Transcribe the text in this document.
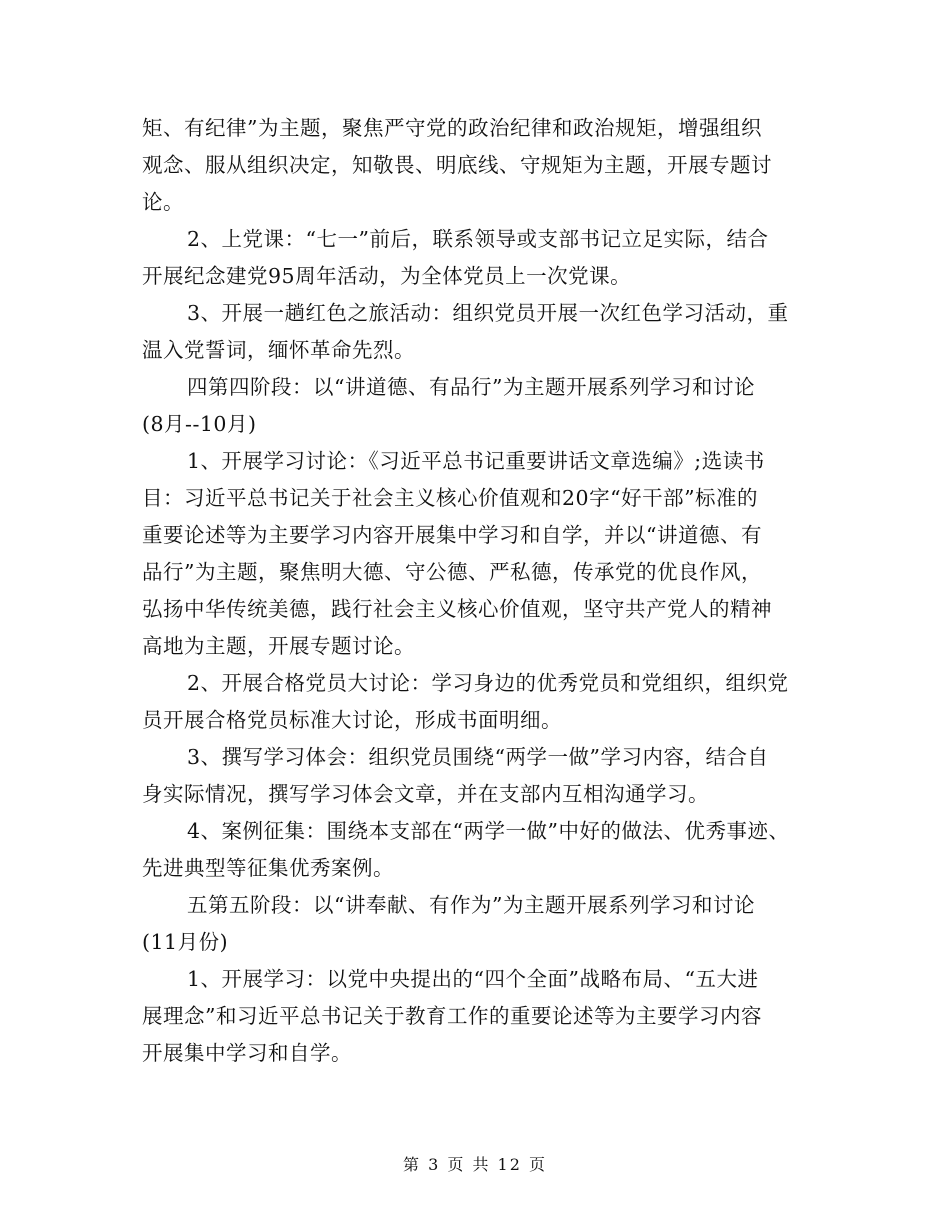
矩、有纪律”为主题，聚焦严守党的政治纪律和政治规矩，增强组织
观念、服从组织决定，知敬畏、明底线、守规矩为主题，开展专题讨
论。
2、上党课：“七一”前后，联系领导或支部书记立足实际，结合
开展纪念建党95周年活动，为全体党员上一次党课。
3、开展一趟红色之旅活动：组织党员开展一次红色学习活动，重
温入党誓词，缅怀革命先烈。
四第四阶段：以“讲道德、有品行”为主题开展系列学习和讨论
(8月--10月)
1、开展学习讨论：《习近平总书记重要讲话文章选编》;选读书
目：习近平总书记关于社会主义核心价值观和20字“好干部”标准的
重要论述等为主要学习内容开展集中学习和自学，并以“讲道德、有
品行”为主题，聚焦明大德、守公德、严私德，传承党的优良作风，
弘扬中华传统美德，践行社会主义核心价值观，坚守共产党人的精神
高地为主题，开展专题讨论。
2、开展合格党员大讨论：学习身边的优秀党员和党组织，组织党
员开展合格党员标准大讨论，形成书面明细。
3、撰写学习体会：组织党员围绕“两学一做”学习内容，结合自
身实际情况，撰写学习体会文章，并在支部内互相沟通学习。
4、案例征集：围绕本支部在“两学一做”中好的做法、优秀事迹、
先进典型等征集优秀案例。
五第五阶段：以“讲奉献、有作为”为主题开展系列学习和讨论
(11月份)
1、开展学习：以党中央提出的“四个全面”战略布局、“五大进
展理念”和习近平总书记关于教育工作的重要论述等为主要学习内容
开展集中学习和自学。
第 3 页 共 12 页
